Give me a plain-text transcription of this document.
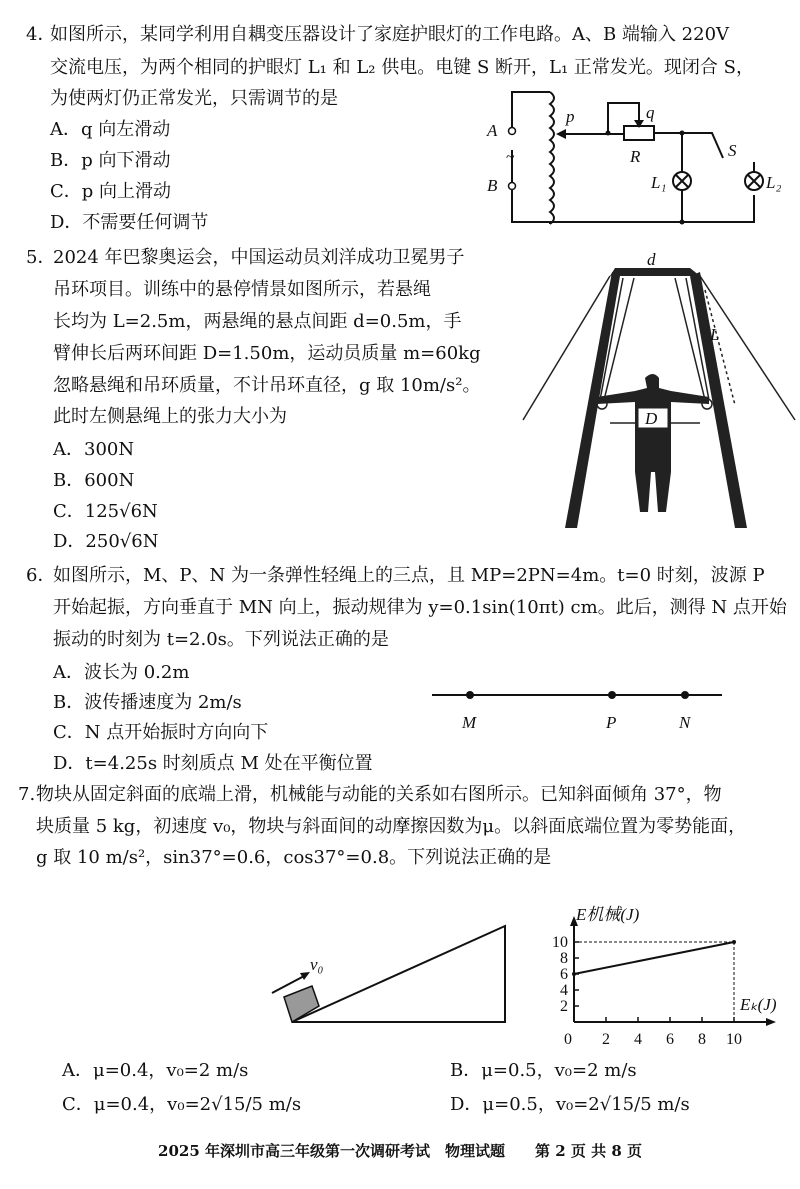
4．
如图所示，某同学利用自耦变压器设计了家庭护眼灯的工作电路。A、B 端输入 220V
交流电压，为两个相同的护眼灯 L₁ 和 L₂ 供电。电键 S 断开，L₁ 正常发光。现闭合 S，
为使两灯仍正常发光，只需调节的是
A．q 向左滑动
B．p 向下滑动
C．p 向上滑动
D．不需要任何调节
A
B
~
p	q
R	S
L₁	L₂
5．
2024 年巴黎奥运会，中国运动员刘洋成功卫冕男子
吊环项目。训练中的悬停情景如图所示，若悬绳
长均为 L=2.5m，两悬绳的悬点间距 d=0.5m，手
臂伸长后两环间距 D=1.50m，运动员质量 m=60kg
忽略悬绳和吊环质量，不计吊环直径，g 取 10m/s²。
此时左侧悬绳上的张力大小为
A．300N
B．600N
C．125√6N
D．250√6N
d
L
D
6．
如图所示，M、P、N 为一条弹性轻绳上的三点，且 MP=2PN=4m。t=0 时刻，波源 P
开始起振，方向垂直于 MN 向上，振动规律为 y=0.1sin(10πt) cm。此后，测得 N 点开始
振动的时刻为 t=2.0s。下列说法正确的是
A．波长为 0.2m
B．波传播速度为 2m/s
C．N 点开始振时方向向下
D．t=4.25s 时刻质点 M 处在平衡位置
M	P	N
7. 物块从固定斜面的底端上滑，机械能与动能的关系如右图所示。已知斜面倾角 37°，物
块质量 5 kg，初速度 v₀，物块与斜面间的动摩擦因数为μ。以斜面底端位置为零势能面，
g 取 10 m/s²，sin37°=0.6，cos37°=0.8。下列说法正确的是
v₀
0 2 4 6 8 10
2
4
6
8
10
Eₖ(J)
E机械(J)
A．μ=0.4，v₀=2 m/s	B．μ=0.5，v₀=2 m/s
C．μ=0.4，v₀=2√15/5 m/s	D．μ=0.5，v₀=2√15/5 m/s
2025 年深圳市高三年级第一次调研考试　物理试题　　第 2 页 共 8 页
